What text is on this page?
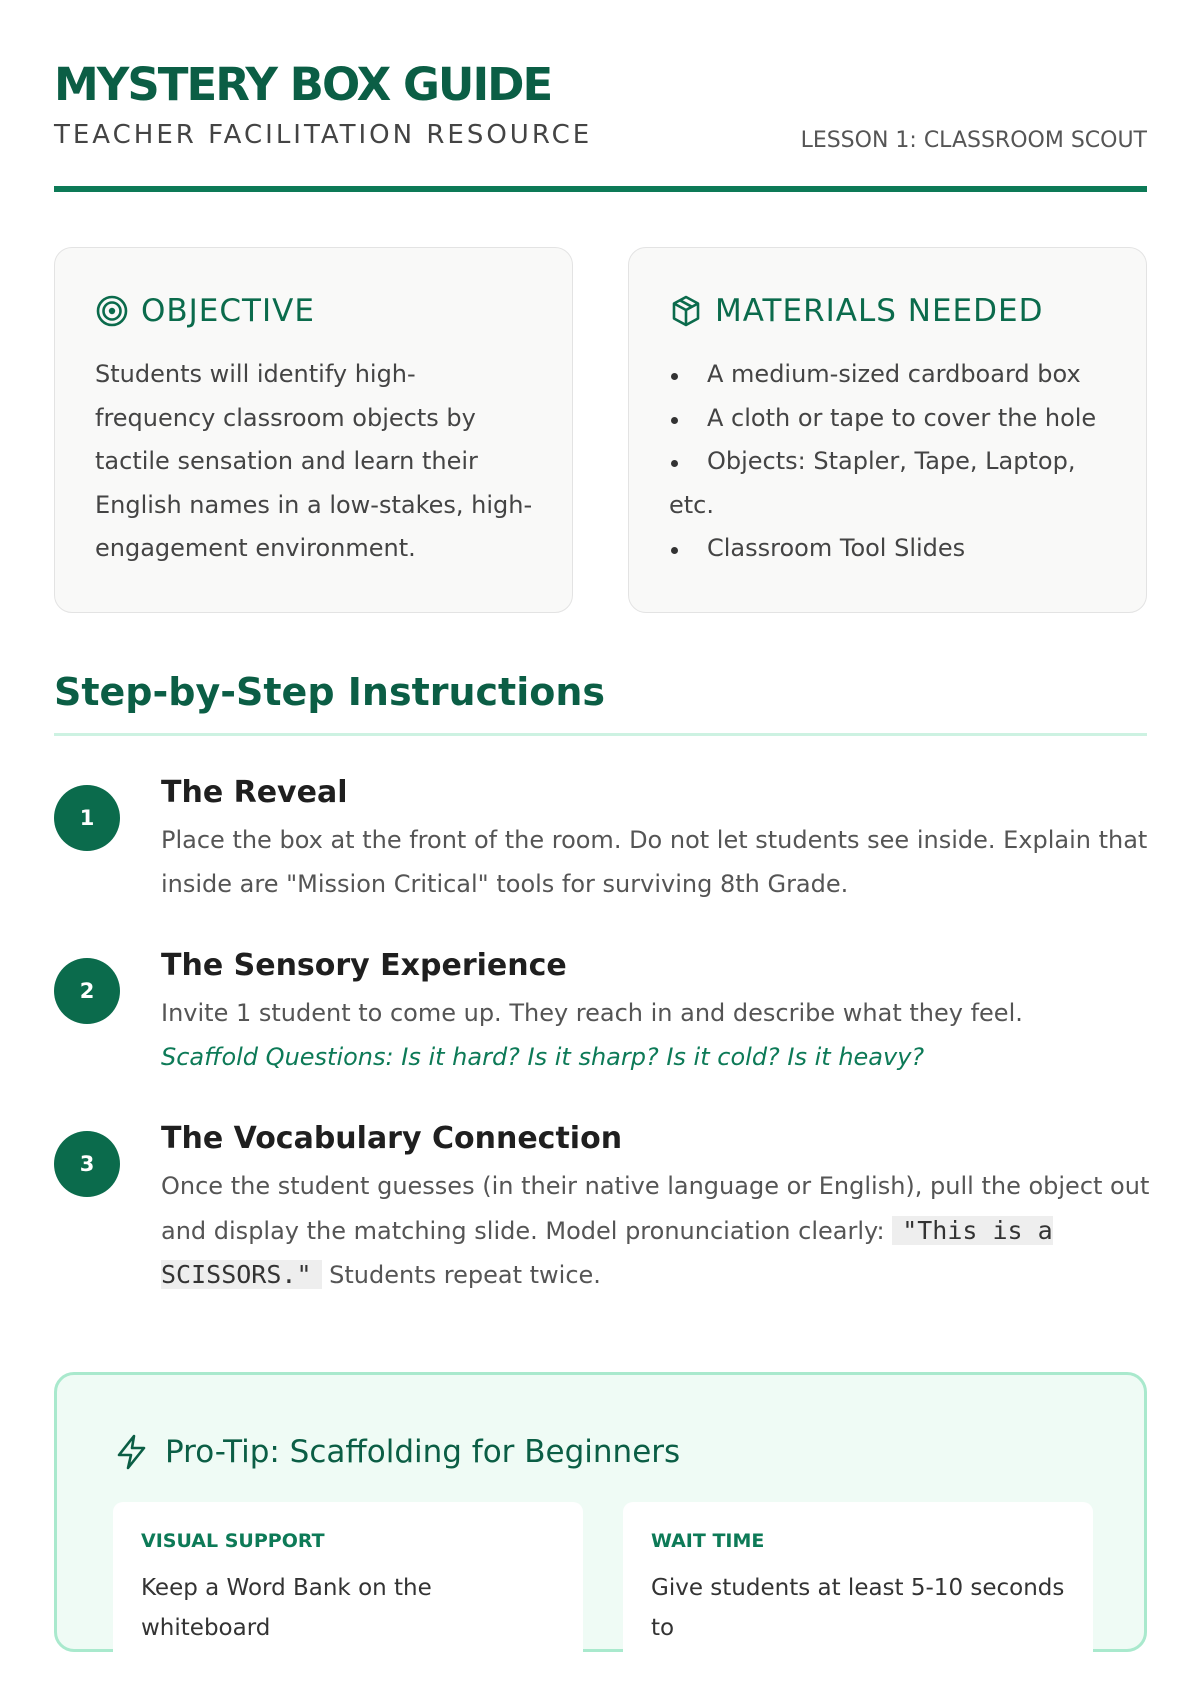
MYSTERY BOX GUIDE
TEACHER FACILITATION RESOURCE	LESSON 1: CLASSROOM SCOUT
OBJECTIVE

Students will identify high-frequency classroom objects by tactile sensation and learn their English names in a low-stakes, high-engagement environment.

MATERIALS NEEDED
A medium-sized cardboard box
A cloth or tape to cover the hole
Objects: Stapler, Tape, Laptop,
etc.
Classroom Tool Slides
Step-by-Step Instructions
1
The Reveal

Place the box at the front of the room. Do not let students see inside. Explain that inside are "Mission Critical" tools for surviving 8th Grade.

2
The Sensory Experience
Invite 1 student to come up. They reach in and describe what they feel.
Scaffold Questions: Is it hard? Is it sharp? Is it cold? Is it heavy?
3
The Vocabulary Connection

Once the student guesses (in their native language or English), pull the object out and display the matching slide. Model pronunciation clearly: "This is a SCISSORS." Students repeat twice.

Pro-Tip: Scaffolding for Beginners
VISUAL SUPPORT
Keep a Word Bank on the whiteboard
WAIT TIME
Give students at least 5-10 seconds to
